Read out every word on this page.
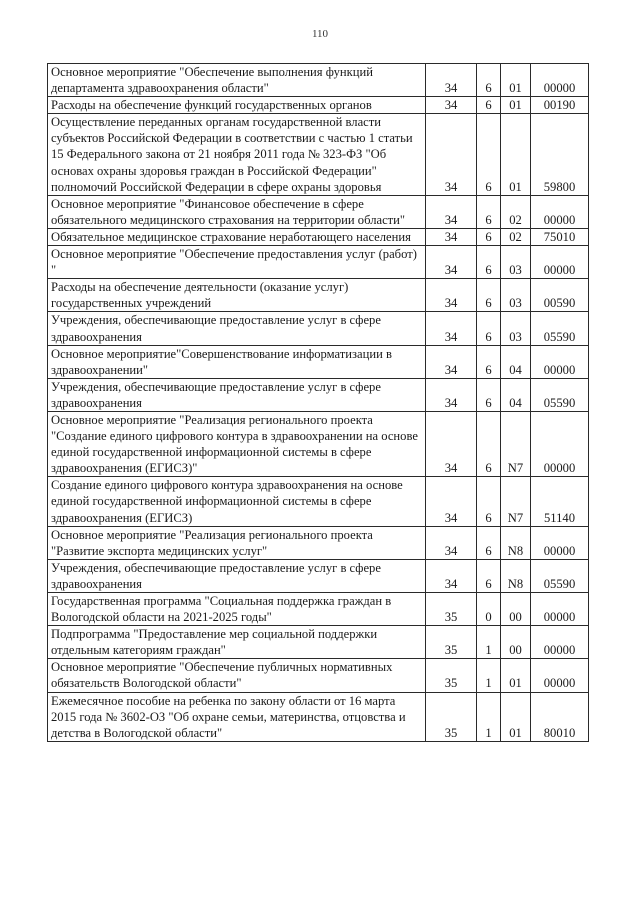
110
Основное мероприятие "Обеспечение выполнения функций департамента здравоохранения области"	34	6	01	00000
Расходы на обеспечение функций государственных органов	34	6	01	00190
Осуществление переданных органам государственной власти субъектов Российской Федерации в соответствии с частью 1 статьи 15 Федерального закона от 21 ноября 2011 года № 323-ФЗ "Об основах охраны здоровья граждан в Российской Федерации" полномочий Российской Федерации в сфере охраны здоровья	34	6	01	59800
Основное мероприятие "Финансовое обеспечение в сфере обязательного медицинского страхования на территории области"	34	6	02	00000
Обязательное медицинское страхование неработающего населения	34	6	02	75010
Основное мероприятие "Обеспечение предоставления услуг (работ) "	34	6	03	00000
Расходы на обеспечение деятельности (оказание услуг) государственных учреждений	34	6	03	00590
Учреждения, обеспечивающие предоставление услуг в сфере здравоохранения	34	6	03	05590
Основное мероприятие"Совершенствование информатизации в здравоохранении"	34	6	04	00000
Учреждения, обеспечивающие предоставление услуг в сфере здравоохранения	34	6	04	05590
Основное мероприятие "Реализация регионального проекта "Создание единого цифрового контура в здравоохранении на основе единой государственной информационной системы в сфере здравоохранения (ЕГИСЗ)"	34	6	N7	00000
Создание единого цифрового контура здравоохранения на основе единой государственной информационной системы в сфере здравоохранения (ЕГИСЗ)	34	6	N7	51140
Основное мероприятие "Реализация регионального проекта "Развитие экспорта медицинских услуг"	34	6	N8	00000
Учреждения, обеспечивающие предоставление услуг в сфере здравоохранения	34	6	N8	05590
Государственная программа "Социальная поддержка граждан в Вологодской области на 2021-2025 годы"	35	0	00	00000
Подпрограмма "Предоставление мер социальной поддержки отдельным категориям граждан"	35	1	00	00000
Основное мероприятие "Обеспечение публичных нормативных обязательств Вологодской области"	35	1	01	00000
Ежемесячное пособие на ребенка по закону области от 16 марта 2015 года № 3602-ОЗ "Об охране семьи, материнства, отцовства и детства в Вологодской области"	35	1	01	80010
